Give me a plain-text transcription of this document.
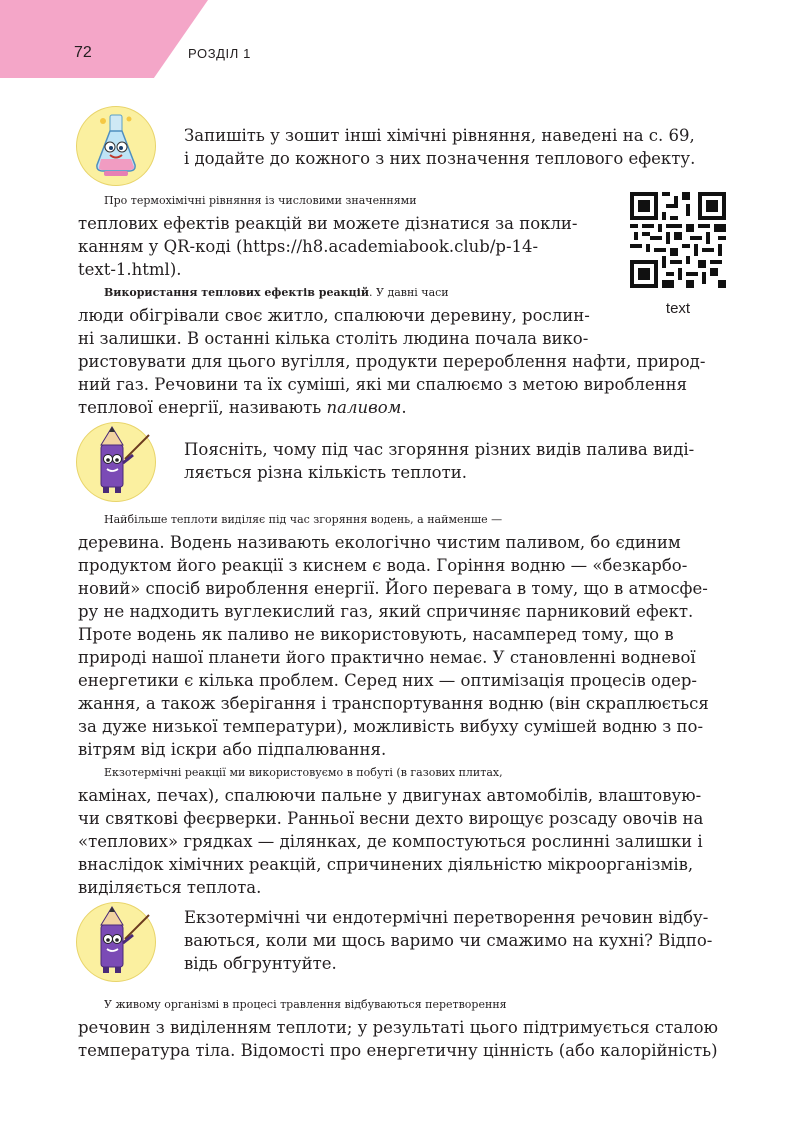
72	РОЗДІЛ 1
Запишіть у зошит інші хімічні рівняння, наведені на с. 69,
і додайте до кожного з них позначення теплового ефекту.
Про термохімічні рівняння із числовими значеннями
теплових ефектів реакцій ви можете дізнатися за покли-
канням у QR-коді (https://h8.academiabook.club/p-14-
text-1.html).
text
Використання теплових ефектів реакцій. У давні часи
люди обігрівали своє житло, спалюючи деревину, рослин-
ні залишки. В останні кілька століть людина почала вико-
ристовувати для цього вугілля, продукти перероблення нафти, природ-
ний газ. Речовини та їх суміші, які ми спалюємо з метою вироблення
теплової енергії, називають паливом.
Поясніть, чому під час згоряння різних видів палива виді-
ляється різна кількість теплоти.
Найбільше теплоти виділяє під час згоряння водень, а найменше —
деревина. Водень називають екологічно чистим паливом, бо єдиним
продуктом його реакції з киснем є вода. Горіння водню — «безкарбо-
новий» спосіб вироблення енергії. Його перевага в тому, що в атмосфе-
ру не надходить вуглекислий газ, який спричиняє парниковий ефект.
Проте водень як паливо не використовують, насамперед тому, що в
природі нашої планети його практично немає. У становленні водневої
енергетики є кілька проблем. Серед них — оптимізація процесів одер-
жання, а також зберігання і транспортування водню (він скраплюється
за дуже низької температури), можливість вибуху сумішей водню з по-
вітрям від іскри або підпалювання.
Екзотермічні реакції ми використовуємо в побуті (в газових плитах,
камінах, печах), спалюючи пальне у двигунах автомобілів, влаштовую-
чи святкові феєрверки. Ранньої весни дехто вирощує розсаду овочів на
«теплових» грядках — ділянках, де компостуються рослинні залишки і
внаслідок хімічних реакцій, спричинених діяльністю мікроорганізмів,
виділяється теплота.
Екзотермічні чи ендотермічні перетворення речовин відбу-
ваються, коли ми щось варимо чи смажимо на кухні? Відпо-
відь обгрунтуйте.
У живому організмі в процесі травлення відбуваються перетворення
речовин з виділенням теплоти; у результаті цього підтримується сталою
температура тіла. Відомості про енергетичну цінність (або калорійність)
